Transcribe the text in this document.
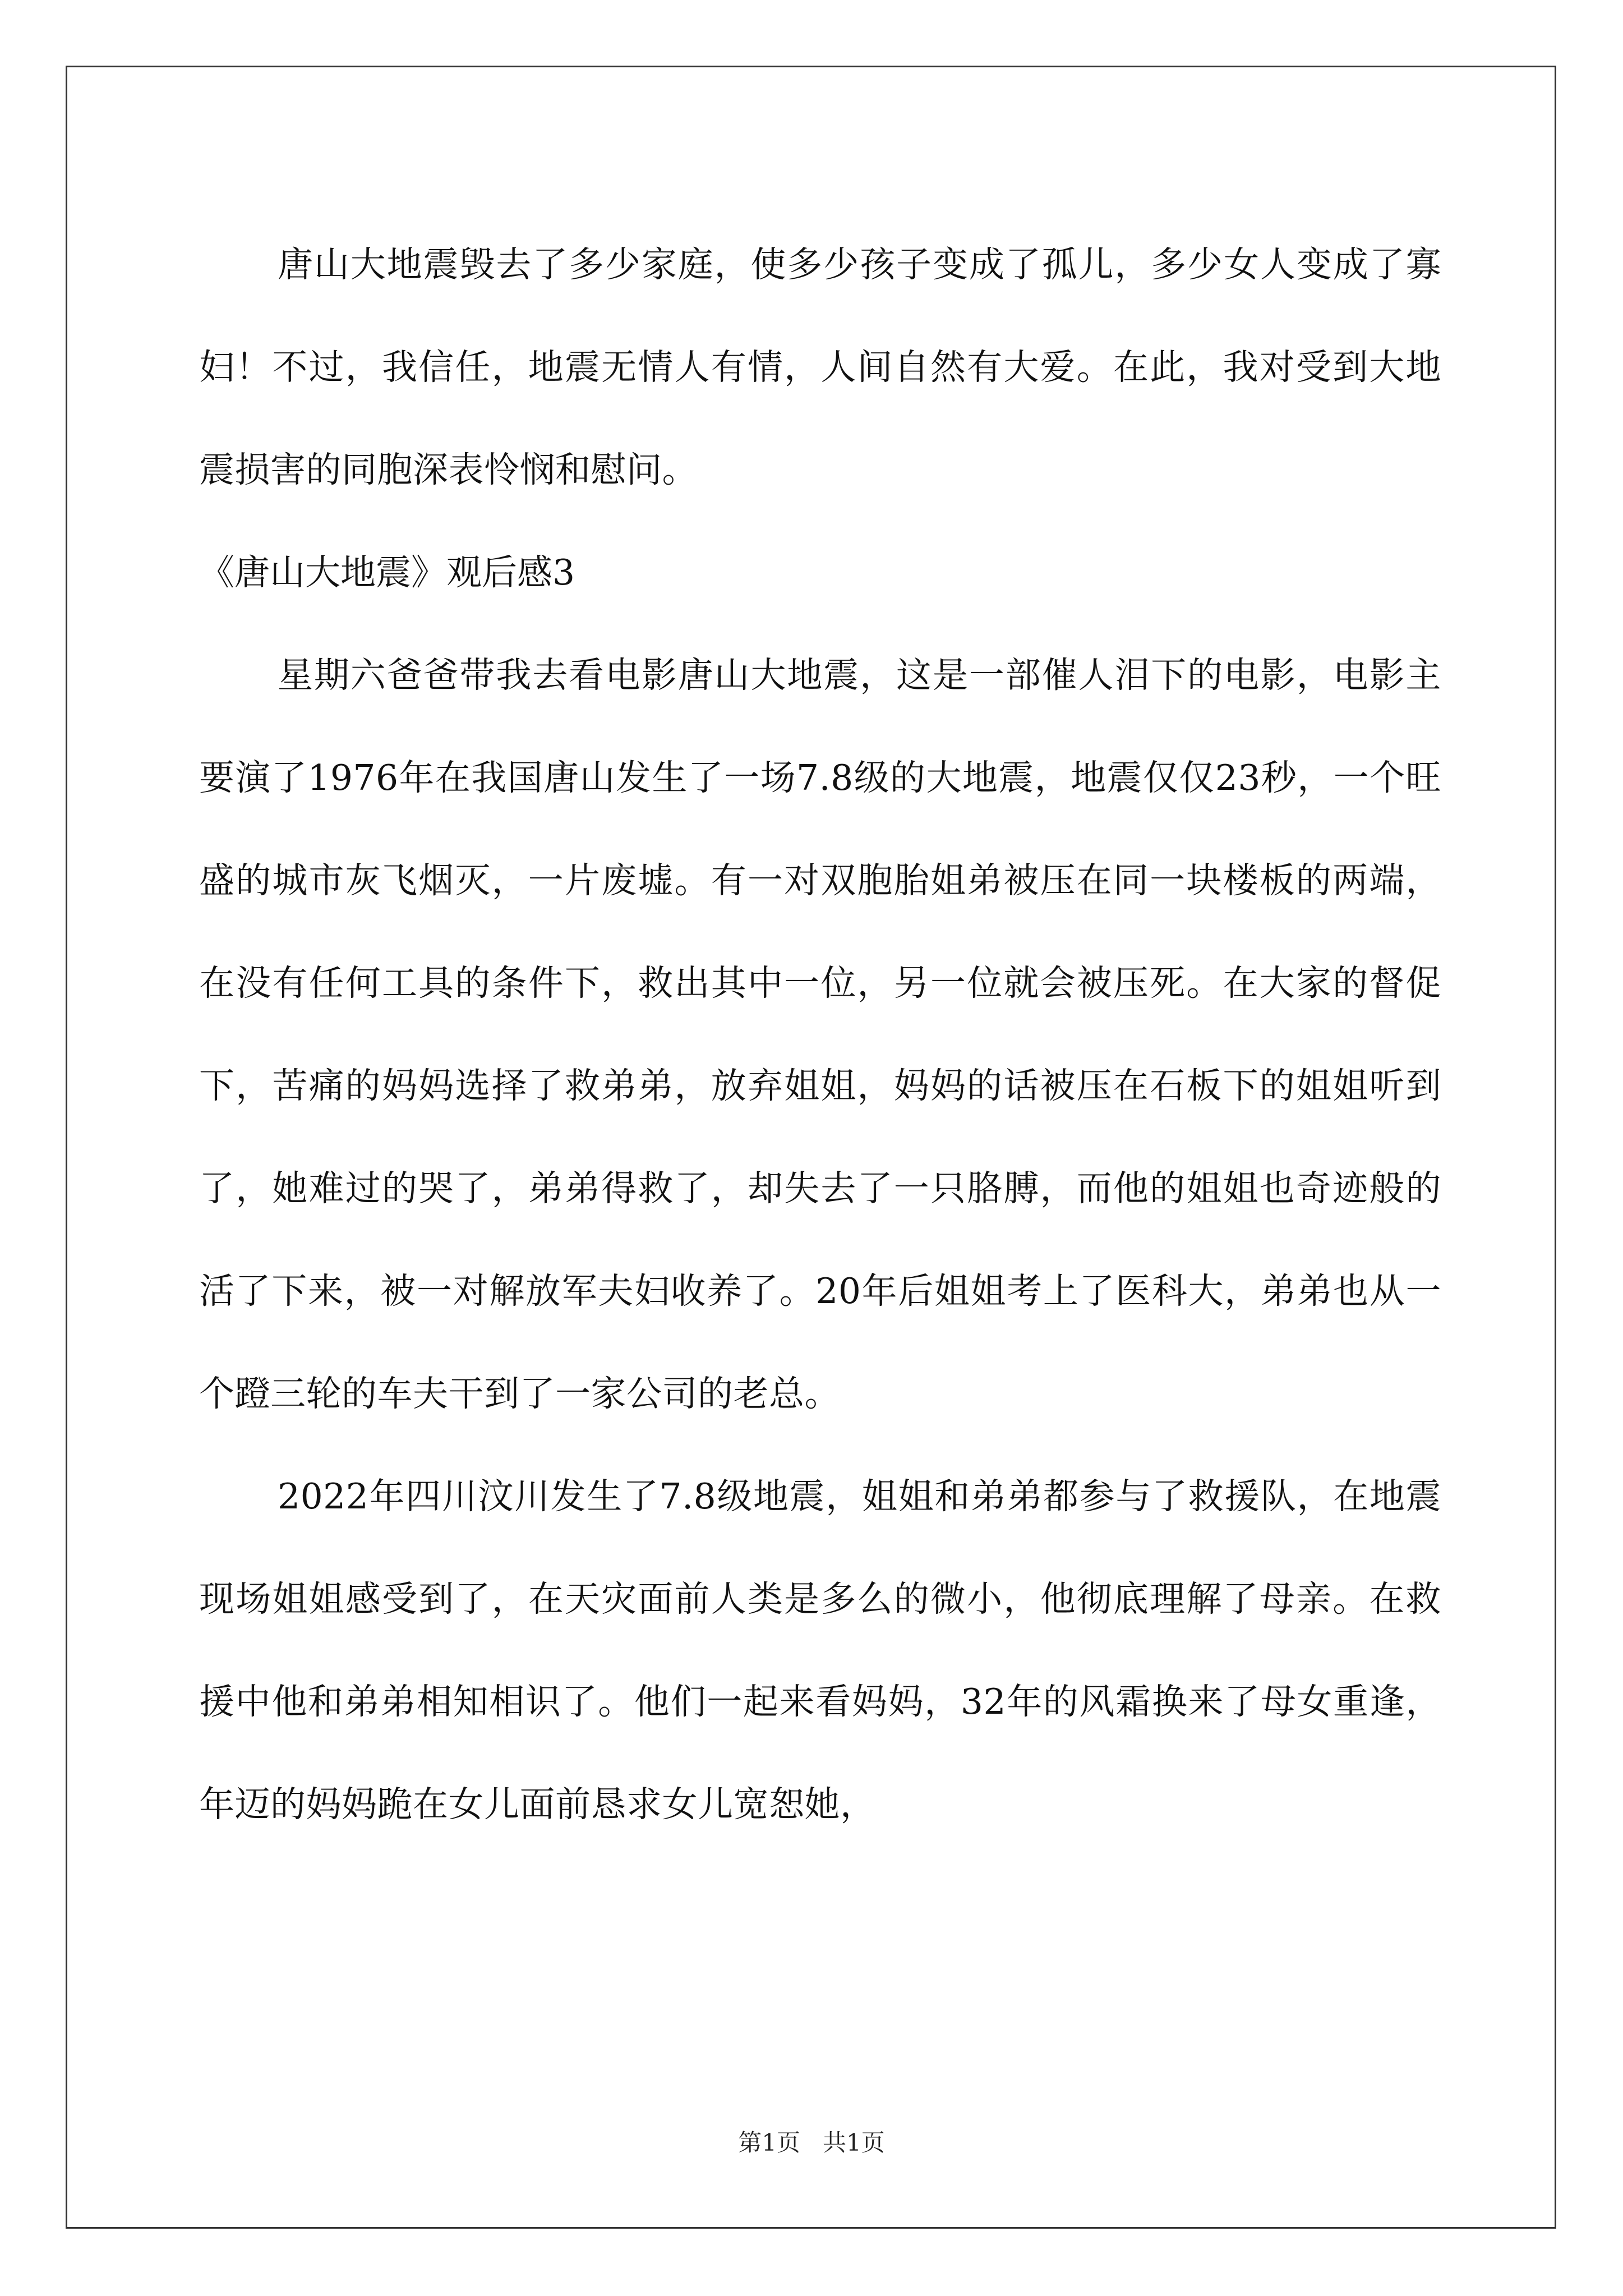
唐山大地震毁去了多少家庭，使多少孩子变成了孤儿，多少女人变成了寡妇！不过，我信任，地震无情人有情，人间自然有大爱。在此，我对受到大地震损害的同胞深表怜悯和慰问。

《唐山大地震》观后感3

星期六爸爸带我去看电影唐山大地震，这是一部催人泪下的电影，电影主要演了1976年在我国唐山发生了一场7.8级的大地震，地震仅仅23秒，一个旺盛的城市灰飞烟灭，一片废墟。有一对双胞胎姐弟被压在同一块楼板的两端，在没有任何工具的条件下，救出其中一位，另一位就会被压死。在大家的督促下，苦痛的妈妈选择了救弟弟，放弃姐姐，妈妈的话被压在石板下的姐姐听到了，她难过的哭了，弟弟得救了，却失去了一只胳膊，而他的姐姐也奇迹般的活了下来，被一对解放军夫妇收养了。20年后姐姐考上了医科大，弟弟也从一个蹬三轮的车夫干到了一家公司的老总。

2022年四川汶川发生了7.8级地震，姐姐和弟弟都参与了救援队，在地震现场姐姐感受到了，在天灾面前人类是多么的微小，他彻底理解了母亲。在救援中他和弟弟相知相识了。他们一起来看妈妈，32年的风霜换来了母女重逢，年迈的妈妈跪在女儿面前恳求女儿宽恕她，

第1页 共1页
